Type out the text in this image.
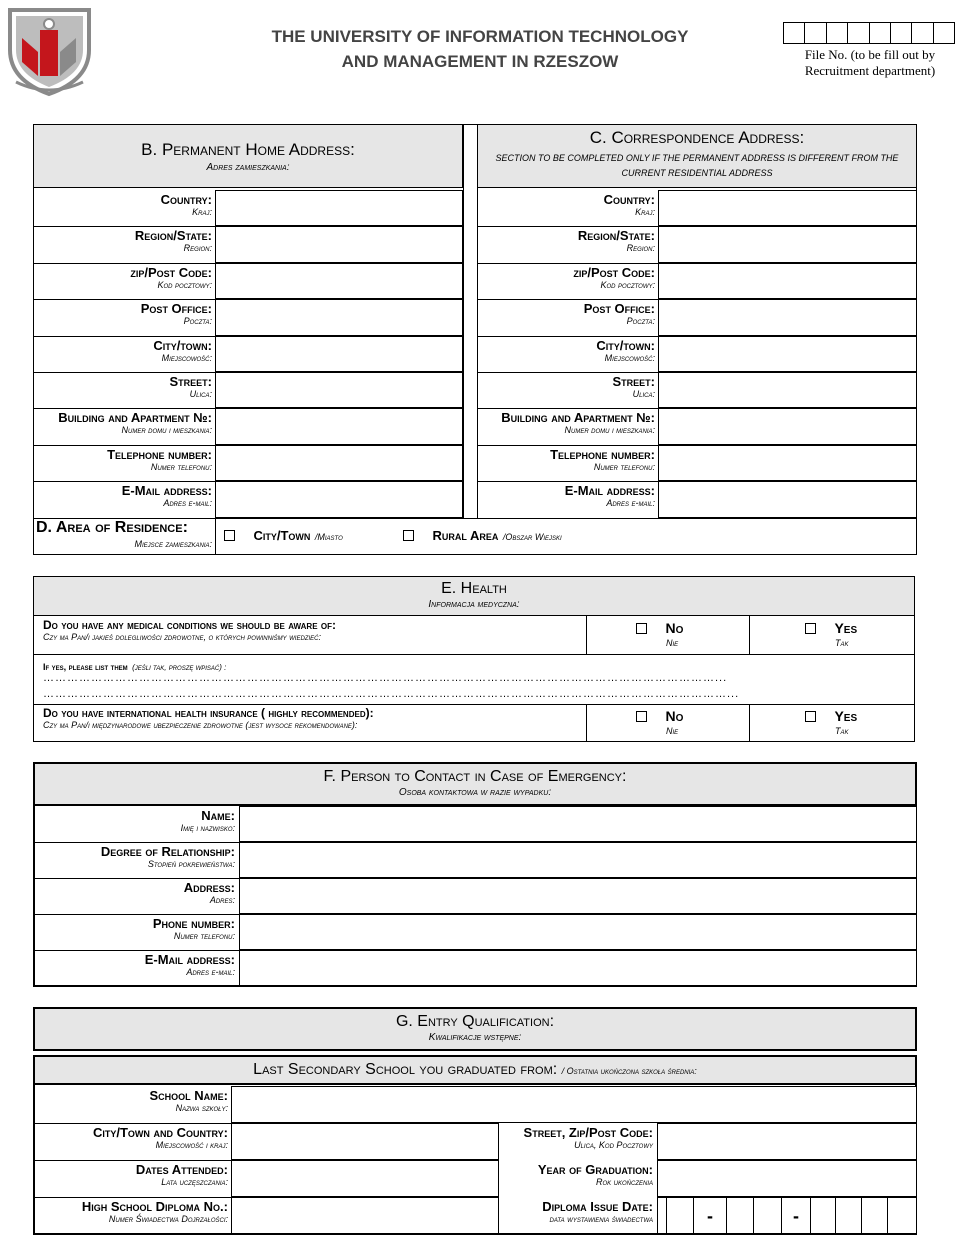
THE UNIVERSITY OF INFORMATION TECHNOLOGY
AND MANAGEMENT IN RZESZOW	File No. (to be fill out by
Recruitment department)
B. Permanent Home Address:
Adres zamieszkania:
C. Correspondence Address:
SECTION TO BE COMPLETED ONLY IF THE PERMANENT ADDRESS IS DIFFERENT FROM THE
CURRENT RESIDENTIAL ADDRESS
Country:
Kraj:
Region/State:
Region:
zip/Post Code:
Kod pocztowy:
Post Office:
Poczta:
City/town:
Miejscowość:
Street:
Ulica:
Building and Apartment №:
Numer domu i mieszkania:
Telephone number:
Numer telefonu:
E-Mail address:
Adres e-mail:
Country:
Kraj:
Region/State:
Region:
zip/Post Code:
Kod pocztowy:
Post Office:
Poczta:
City/town:
Miejscowość:
Street:
Ulica:
Building and Apartment №:
Numer domu i mieszkania:
Telephone number:
Numer telefonu:
E-Mail address:
Adres e-mail:
D. Area of Residence:
Miejsce zamieszkania:
City/Town /Miasto	Rural Area /Obszar Wiejski
E. Health
Informacja medyczna:
Do you have any medical conditions we should be aware of:
Czy ma Pan/i jakieś dolegliwości zdrowotne, o których powinniśmy wiedzieć:
No
Nie
Yes
Tak
If yes, please list them (jeśli tak, proszę wpisać) :
……………………………………………………………………………………………………………………………………………………...
………………………………………………………………………………………………………………………………………………………...
Do you have international health insurance ( highly recommended):
Czy ma Pan/i międzynarodowe ubezpieczenie zdrowotne (jest wysoce rekomendowane):
No
Nie
Yes
Tak
F. Person to Contact in Case of Emergency:
Osoba kontaktowa w razie wypadku:
Name:
Imię i nazwisko:
Degree of Relationship:
Stopień pokrewieństwa:
Address:
Adres:
Phone number:
Numer telefonu:
E-Mail address:
Adres e-mail:
G. Entry Qualification:
Kwalifikacje wstępne:
Last Secondary School you graduated from: / Ostatnia ukończona szkoła średnia:
School Name:
Nazwa szkoły:
City/Town and Country:
Miejscowość i kraj:
Dates Attended:
Lata uczęszczania:
High School Diploma No.:
Numer Świadectwa Dojrzałości:
Street, Zip/Post Code:
Ulica, Kod Pocztowy
Year of Graduation:
Rok ukończenia
Diploma Issue Date:
data wystawienia świadectwa	-	-
